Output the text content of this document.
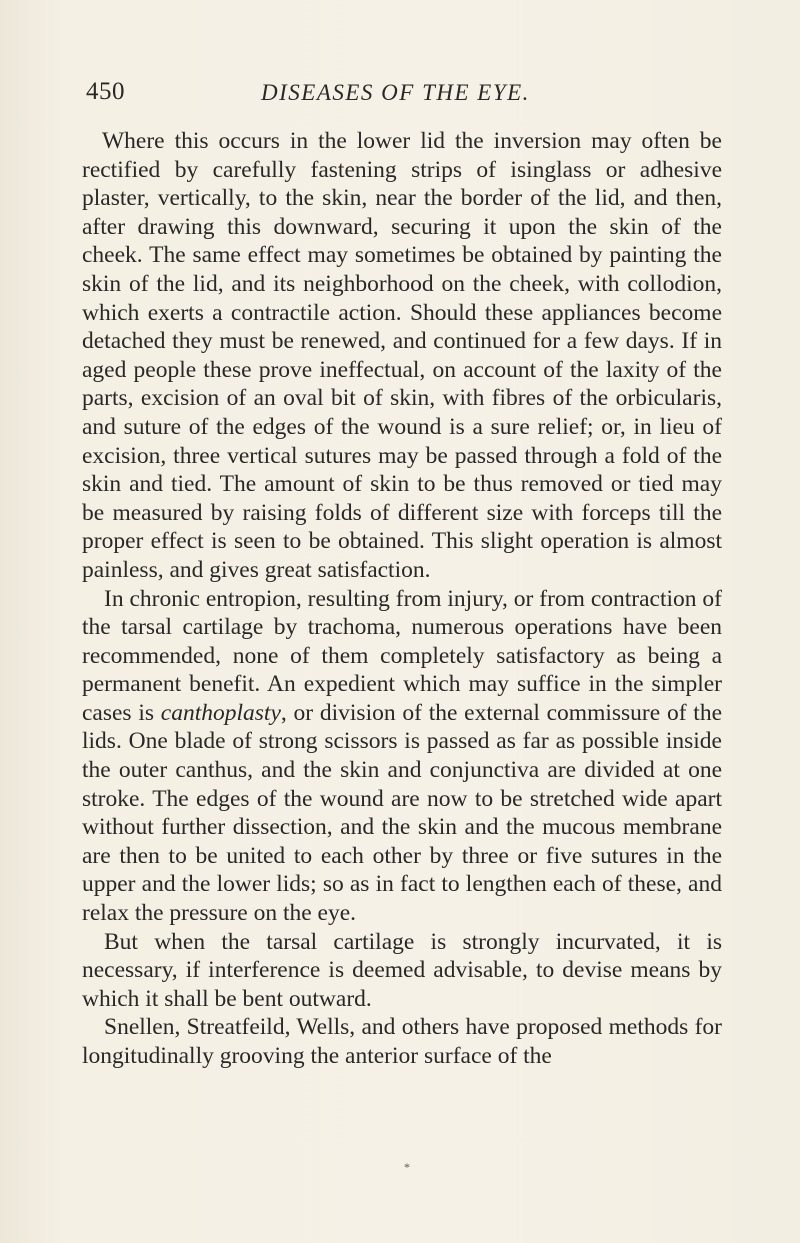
450	DISEASES OF THE EYE.

Where this occurs in the lower lid the inversion may often be rectified by carefully fastening strips of isinglass or adhesive plaster, vertically, to the skin, near the border of the lid, and then, after drawing this downward, securing it upon the skin of the cheek. The same effect may sometimes be obtained by painting the skin of the lid, and its neighborhood on the cheek, with collodion, which exerts a contractile action. Should these appliances become detached they must be renewed, and continued for a few days. If in aged people these prove ineffectual, on account of the laxity of the parts, excision of an oval bit of skin, with fibres of the orbicularis, and suture of the edges of the wound is a sure relief; or, in lieu of excision, three vertical sutures may be passed through a fold of the skin and tied. The amount of skin to be thus removed or tied may be measured by raising folds of different size with forceps till the proper effect is seen to be obtained. This slight operation is almost painless, and gives great satisfaction.

In chronic entropion, resulting from injury, or from contraction of the tarsal cartilage by trachoma, numerous operations have been recommended, none of them completely satisfactory as being a permanent benefit. An expedient which may suffice in the simpler cases is canthoplasty, or division of the external commissure of the lids. One blade of strong scissors is passed as far as possible inside the outer canthus, and the skin and conjunctiva are divided at one stroke. The edges of the wound are now to be stretched wide apart without further dissection, and the skin and the mucous membrane are then to be united to each other by three or five sutures in the upper and the lower lids; so as in fact to lengthen each of these, and relax the pressure on the eye.

But when the tarsal cartilage is strongly incurvated, it is necessary, if interference is deemed advisable, to devise means by which it shall be bent outward.

Snellen, Streatfeild, Wells, and others have proposed methods for longitudinally grooving the anterior surface of the

*
